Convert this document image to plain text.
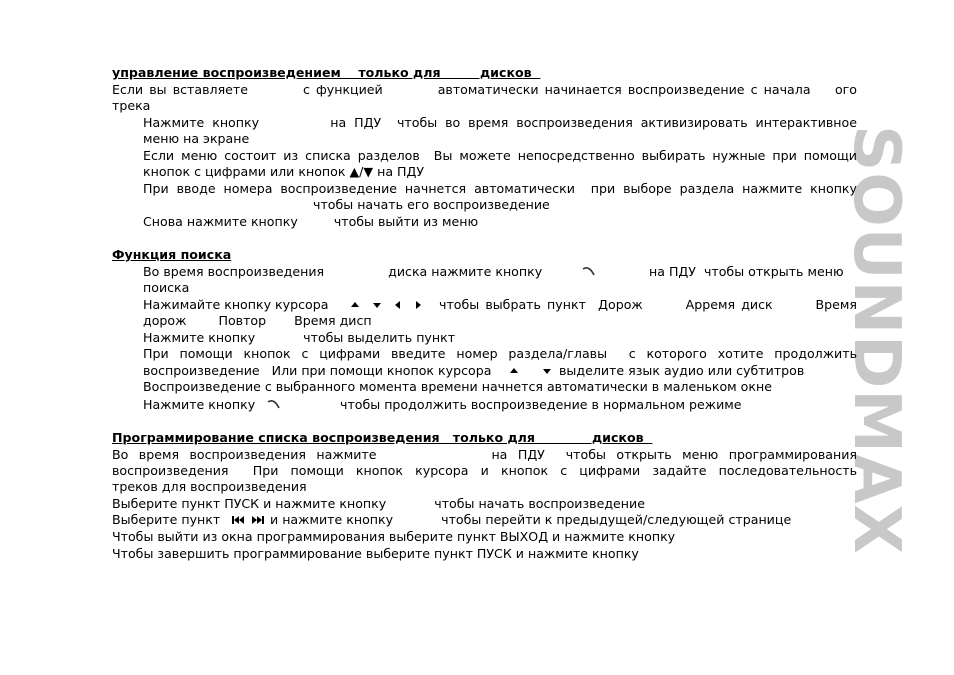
SOUNDMAX
управление воспроизведением    только для         дисков
Если вы вставляете         с функцией         автоматически начинается воспроизведение с начала    ого
трека
Нажмите кнопку         на ПДУ  чтобы во время воспроизведения активизировать интерактивное
меню на экране
Если меню состоит из списка разделов  Вы можете непосредственно выбирать нужные при помощи
кнопок с цифрами или кнопок ▲/▼ на ПДУ
При вводе номера воспроизведение начнется автоматически  при выборе раздела нажмите кнопку
чтобы начать его воспроизведение
Снова нажмите кнопку         чтобы выйти из меню
Функция поиска
Во время воспроизведения                диска нажмите кнопку	на ПДУ  чтобы открыть меню
поиска
Нажимайте кнопку курсора	чтобы выбрать пункт  Дорож       Арремя диск       Время
дорож        Повтор       Время дисп
Нажмите кнопку            чтобы выделить пункт
При помощи кнопок с цифрами введите номер раздела/главы  с которого хотите продолжить
воспроизведение   Или при помощи кнопок курсора	выделите язык аудио или субтитров
Воспроизведение с выбранного момента времени начнется автоматически в маленьком окне
Нажмите кнопку	чтобы продолжить воспроизведение в нормальном режиме
Программирование списка воспроизведения   только для             дисков
Во время воспроизведения нажмите           на ПДУ  чтобы открыть меню программирования
воспроизведения  При помощи кнопок курсора и кнопок с цифрами задайте последовательность
треков для воспроизведения
Выберите пункт ПУСК и нажмите кнопку            чтобы начать воспроизведение
Выберите пункт	и нажмите кнопку            чтобы перейти к предыдущей/следующей странице
Чтобы выйти из окна программирования выберите пункт ВЫХОД и нажмите кнопку
Чтобы завершить программирование выберите пункт ПУСК и нажмите кнопку
